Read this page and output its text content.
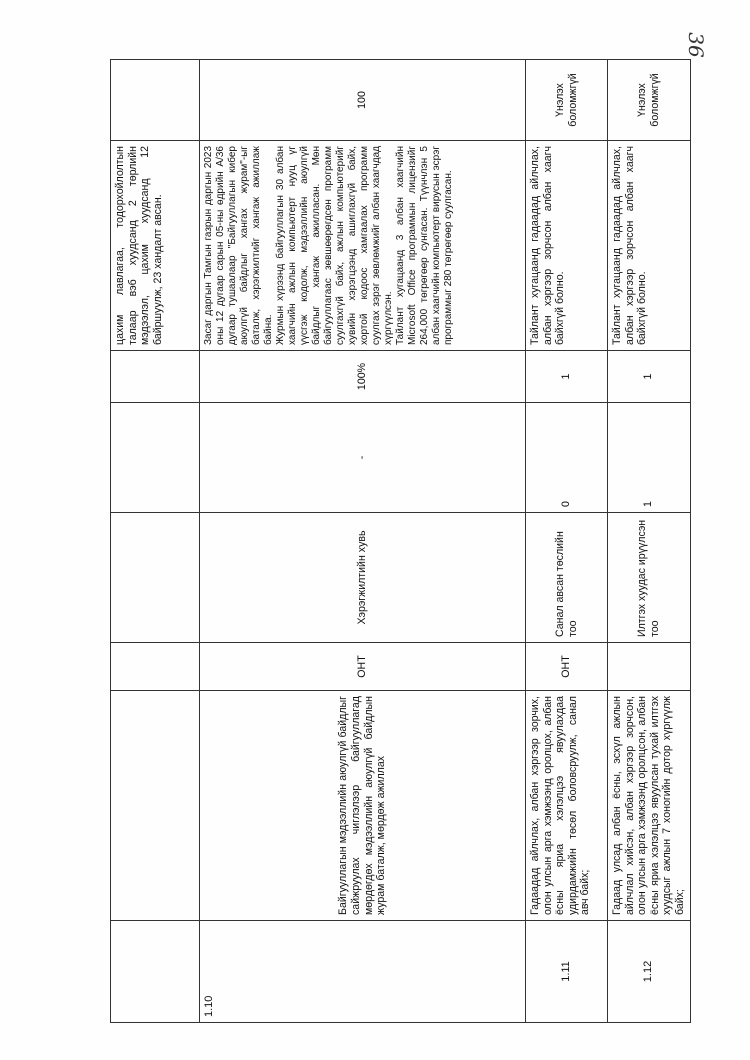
36
						цахим лавлагаа, тодорхойлолтын талаар вэб хуудсанд 2 төрлийн мэдээлэл, цахим хуудсанд 12 байршуулж, 23 хандалт авсан.	
1.10	Байгууллагын мэдээллийн аюулгүй байдлыг сайжруулах чиглэлээр байгууллагад мөрдөгдөх мэдээллийн аюулгүй байдлын журам баталж, мөрдөж ажиллах	ОНТ	Хэрэгжилтийн хувь	-	100%	Засаг даргын Тамгын газрын даргын 2023 оны 12 дугаар сарын 05-ны өдрийн А/36 дугаар тушаалаар "Байгууллагын кибер аюулгүй байдлыг хангах журам"-ыг баталж, хэрэгжилтийг хангаж ажиллаж байна. Журмын хүрээнд байгууллагын 30 албан хаагчийн ажлын компьютерт нууц үг үүсгэж кодолж, мэдээллийн аюулгүй байдлыг хангаж ажилласан. Мөн байгууллагаас зөвшөөрөгдсөн программ суулгахгүй байх, ажлын компьютерийг хувийн хэрэгцээнд ашиглахгүй байх, хортой кодоос хамгаалах программ суулгах зэрэг зөвлөмжийг албан хаагчдад хүргүүлсэн. Тайлант хугацаанд 3 албан хаагчийн Microsoft Office программын лицензийг 264,000 төгрөгөөр сунгасан. Түүнчлэн 5 албан хаагчийн компьютерт вирусын эсрэг программыг 280 төгрөгөөр суулгасан.	100
1.11	Гадаадад айлчлах, албан хэргээр зорчих, олон улсын арга хэмжээнд оролцох, албан ёсны яриа хэлэлцээ явуулахдаа удирдамжийн төсөл боловсруулж, санал авч байх;	ОНТ	Санал авсан төслийн тоо	0	1	Тайлант хугацаанд гадаадад айлчлах, албан хэргээр зорчсон албан хаагч байхгүй болно.	Үнэлэх боломжгүй
1.12	Гадаад улсад албан ёсны, эсхүл ажлын айлчлал хийсэн, албан хэргээр зорчсон, олон улсын арга хэмжээнд оролцсон, албан ёсны яриа хэлэлцээ явуулсан тухай илтгэх хуудсыг ажлын 7 хоногийн дотор хүргүүлж байх;		Илтгэх хуудас ирүүлсэн тоо	1	1	Тайлант хугацаанд гадаадад айлчлах, албан хэргээр зорчсон албан хаагч байхгүй болно.	Үнэлэх боломжгүй
